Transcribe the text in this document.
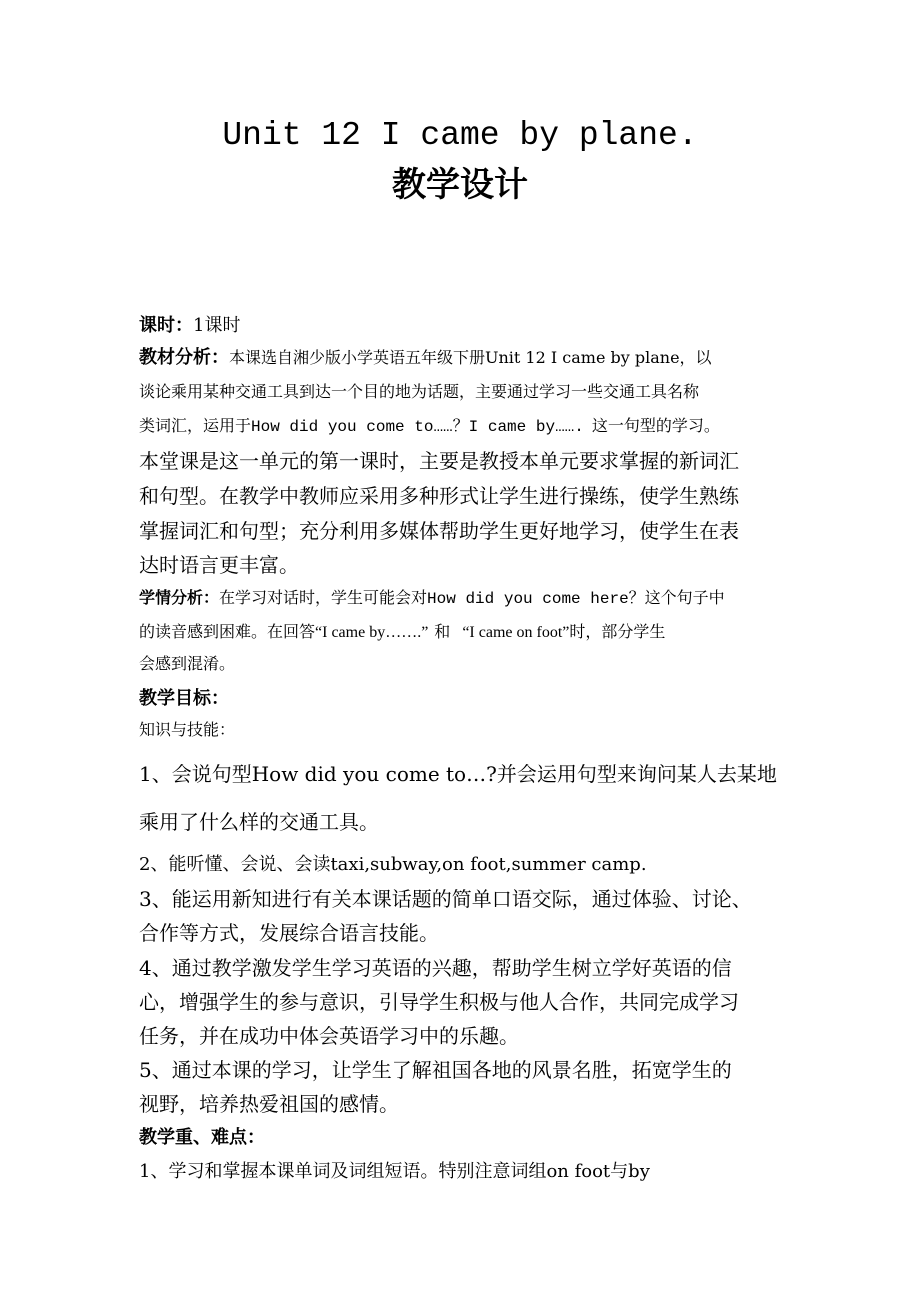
Unit 12 I came by plane.
教学设计
课时：1课时
教材分析：本课选自湘少版小学英语五年级下册Unit 12 I came by plane，以
谈论乘用某种交通工具到达一个目的地为话题，主要通过学习一些交通工具名称
类词汇，运用于How did you come to……？I came by……. 这一句型的学习。
本堂课是这一单元的第一课时，主要是教授本单元要求掌握的新词汇
和句型。在教学中教师应采用多种形式让学生进行操练，使学生熟练
掌握词汇和句型；充分利用多媒体帮助学生更好地学习，使学生在表
达时语言更丰富。
学情分析：在学习对话时，学生可能会对How did you come here？这个句子中
的读音感到困难。在回答“I came by…….” 和 “I came on foot”时，部分学生
会感到混淆。
教学目标：
知识与技能：
1、会说句型How did you come to…?并会运用句型来询问某人去某地
乘用了什么样的交通工具。
2、能听懂、会说、会读taxi,subway,on foot,summer camp.
3、能运用新知进行有关本课话题的简单口语交际，通过体验、讨论、
合作等方式，发展综合语言技能。
4、通过教学激发学生学习英语的兴趣，帮助学生树立学好英语的信
心，增强学生的参与意识，引导学生积极与他人合作，共同完成学习
任务，并在成功中体会英语学习中的乐趣。
5、通过本课的学习，让学生了解祖国各地的风景名胜，拓宽学生的
视野，培养热爱祖国的感情。
教学重、难点：
1、学习和掌握本课单词及词组短语。特别注意词组on foot与by
